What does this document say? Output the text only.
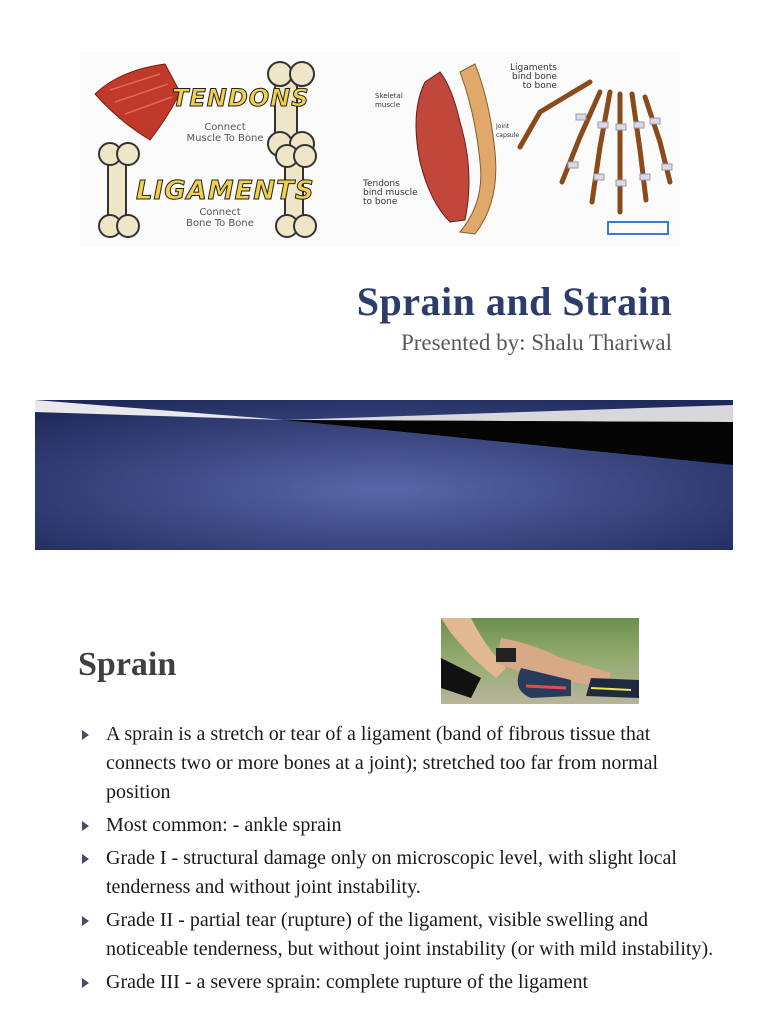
TENDONS
Connect
Muscle To Bone
LIGAMENTS
Connect
Bone To Bone
Skeletal muscle
Tendons
bind muscle
to bone
Ligaments
bind bone
to bone
Joint capsule
Sprain and Strain
Presented by: Shalu Thariwal
Sprain
A sprain is a stretch or tear of a ligament (band of fibrous tissue that connects two or more bones at a joint); stretched too far from normal position
Most common: - ankle sprain
Grade I - structural damage only on microscopic level, with slight local tenderness and without joint instability.
Grade II - partial tear (rupture) of the ligament, visible swelling and noticeable tenderness, but without joint instability (or with mild instability).
Grade III - a severe sprain: complete rupture of the ligament
